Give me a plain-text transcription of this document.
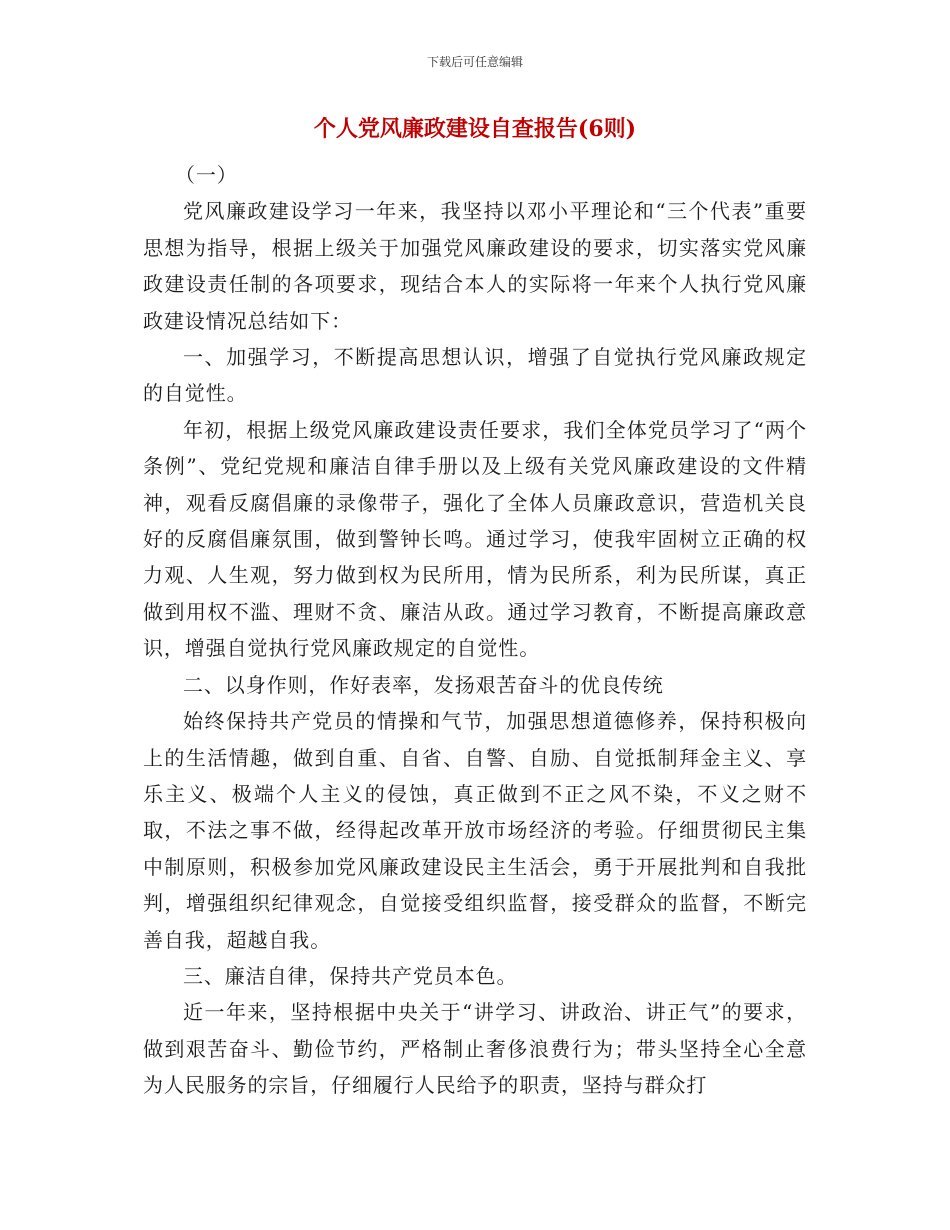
下载后可任意编辑
个人党风廉政建设自查报告(6则)

（一）

党风廉政建设学习一年来，我坚持以邓小平理论和“三个代表”重要思想为指导，根据上级关于加强党风廉政建设的要求，切实落实党风廉政建设责任制的各项要求，现结合本人的实际将一年来个人执行党风廉政建设情况总结如下：

一、加强学习，不断提高思想认识，增强了自觉执行党风廉政规定的自觉性。

年初，根据上级党风廉政建设责任要求，我们全体党员学习了“两个条例”、党纪党规和廉洁自律手册以及上级有关党风廉政建设的文件精神，观看反腐倡廉的录像带子，强化了全体人员廉政意识，营造机关良好的反腐倡廉氛围，做到警钟长鸣。通过学习，使我牢固树立正确的权力观、人生观，努力做到权为民所用，情为民所系，利为民所谋，真正做到用权不滥、理财不贪、廉洁从政。通过学习教育，不断提高廉政意识，增强自觉执行党风廉政规定的自觉性。

二、以身作则，作好表率，发扬艰苦奋斗的优良传统

始终保持共产党员的情操和气节，加强思想道德修养，保持积极向上的生活情趣，做到自重、自省、自警、自励、自觉抵制拜金主义、享乐主义、极端个人主义的侵蚀，真正做到不正之风不染，不义之财不取，不法之事不做，经得起改革开放市场经济的考验。仔细贯彻民主集中制原则，积极参加党风廉政建设民主生活会，勇于开展批判和自我批判，增强组织纪律观念，自觉接受组织监督，接受群众的监督，不断完善自我，超越自我。

三、廉洁自律，保持共产党员本色。

近一年来，坚持根据中央关于“讲学习、讲政治、讲正气”的要求，做到艰苦奋斗、勤俭节约，严格制止奢侈浪费行为；带头坚持全心全意为人民服务的宗旨，仔细履行人民给予的职责，坚持与群众打
